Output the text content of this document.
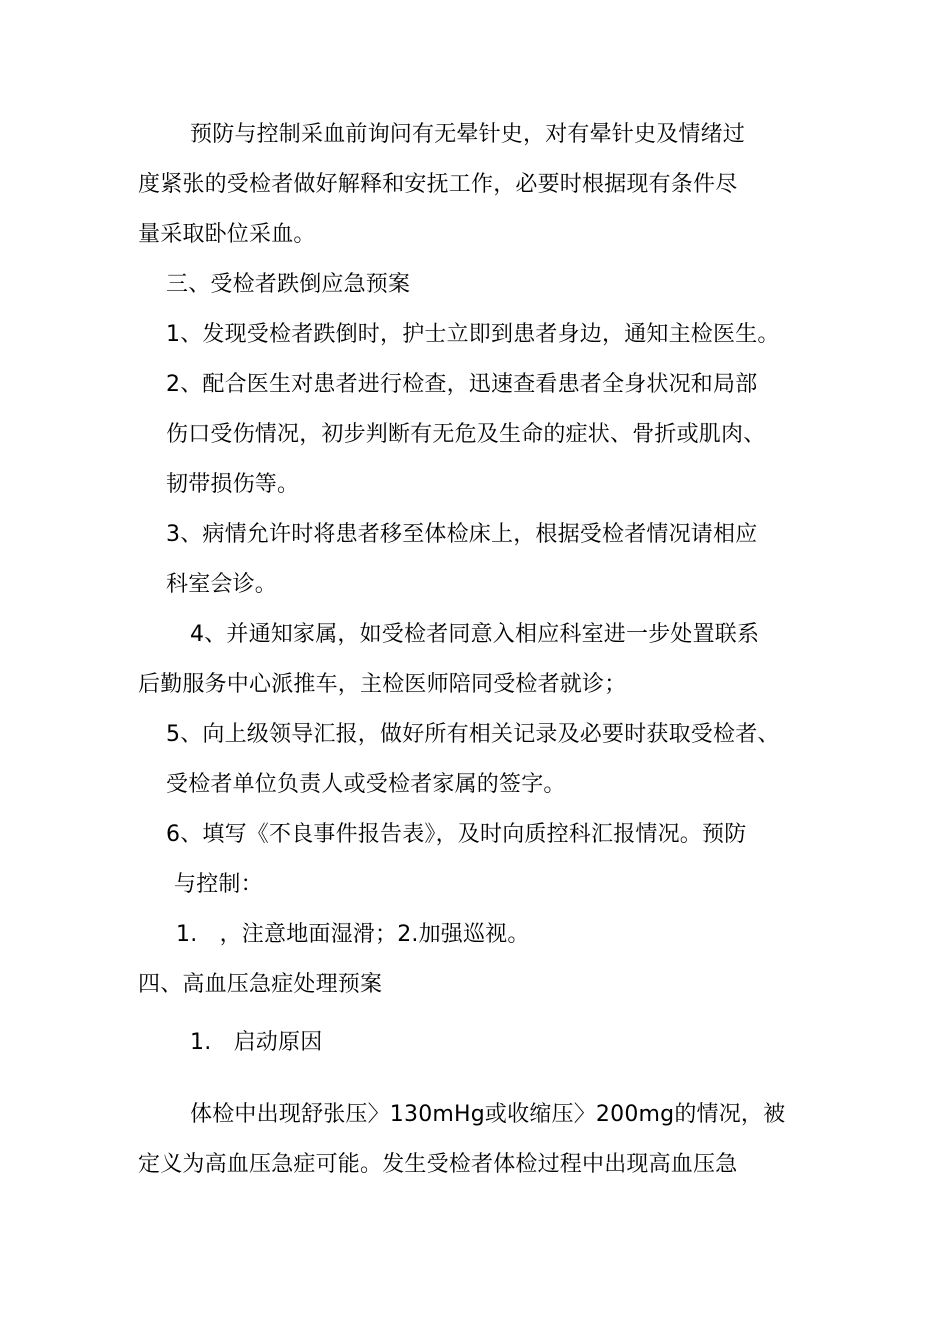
预防与控制采血前询问有无晕针史，对有晕针史及情绪过
度紧张的受检者做好解释和安抚工作，必要时根据现有条件尽
量采取卧位采血。
三、受检者跌倒应急预案
1、发现受检者跌倒时，护士立即到患者身边，通知主检医生。
2、配合医生对患者进行检查，迅速查看患者全身状况和局部
伤口受伤情况，初步判断有无危及生命的症状、骨折或肌肉、
韧带损伤等。
3、病情允许时将患者移至体检床上，根据受检者情况请相应
科室会诊。
4、并通知家属，如受检者同意入相应科室进一步处置联系
后勤服务中心派推车，主检医师陪同受检者就诊；
5、向上级领导汇报，做好所有相关记录及必要时获取受检者、
受检者单位负责人或受检者家属的签字。
6、填写《不良事件报告表》，及时向质控科汇报情况。预防
与控制：
1.　，注意地面湿滑；2.加强巡视。
四、高血压急症处理预案
1.　启动原因
体检中出现舒张压〉130mHg或收缩压〉200mg的情况，被
定义为高血压急症可能。发生受检者体检过程中出现高血压急
